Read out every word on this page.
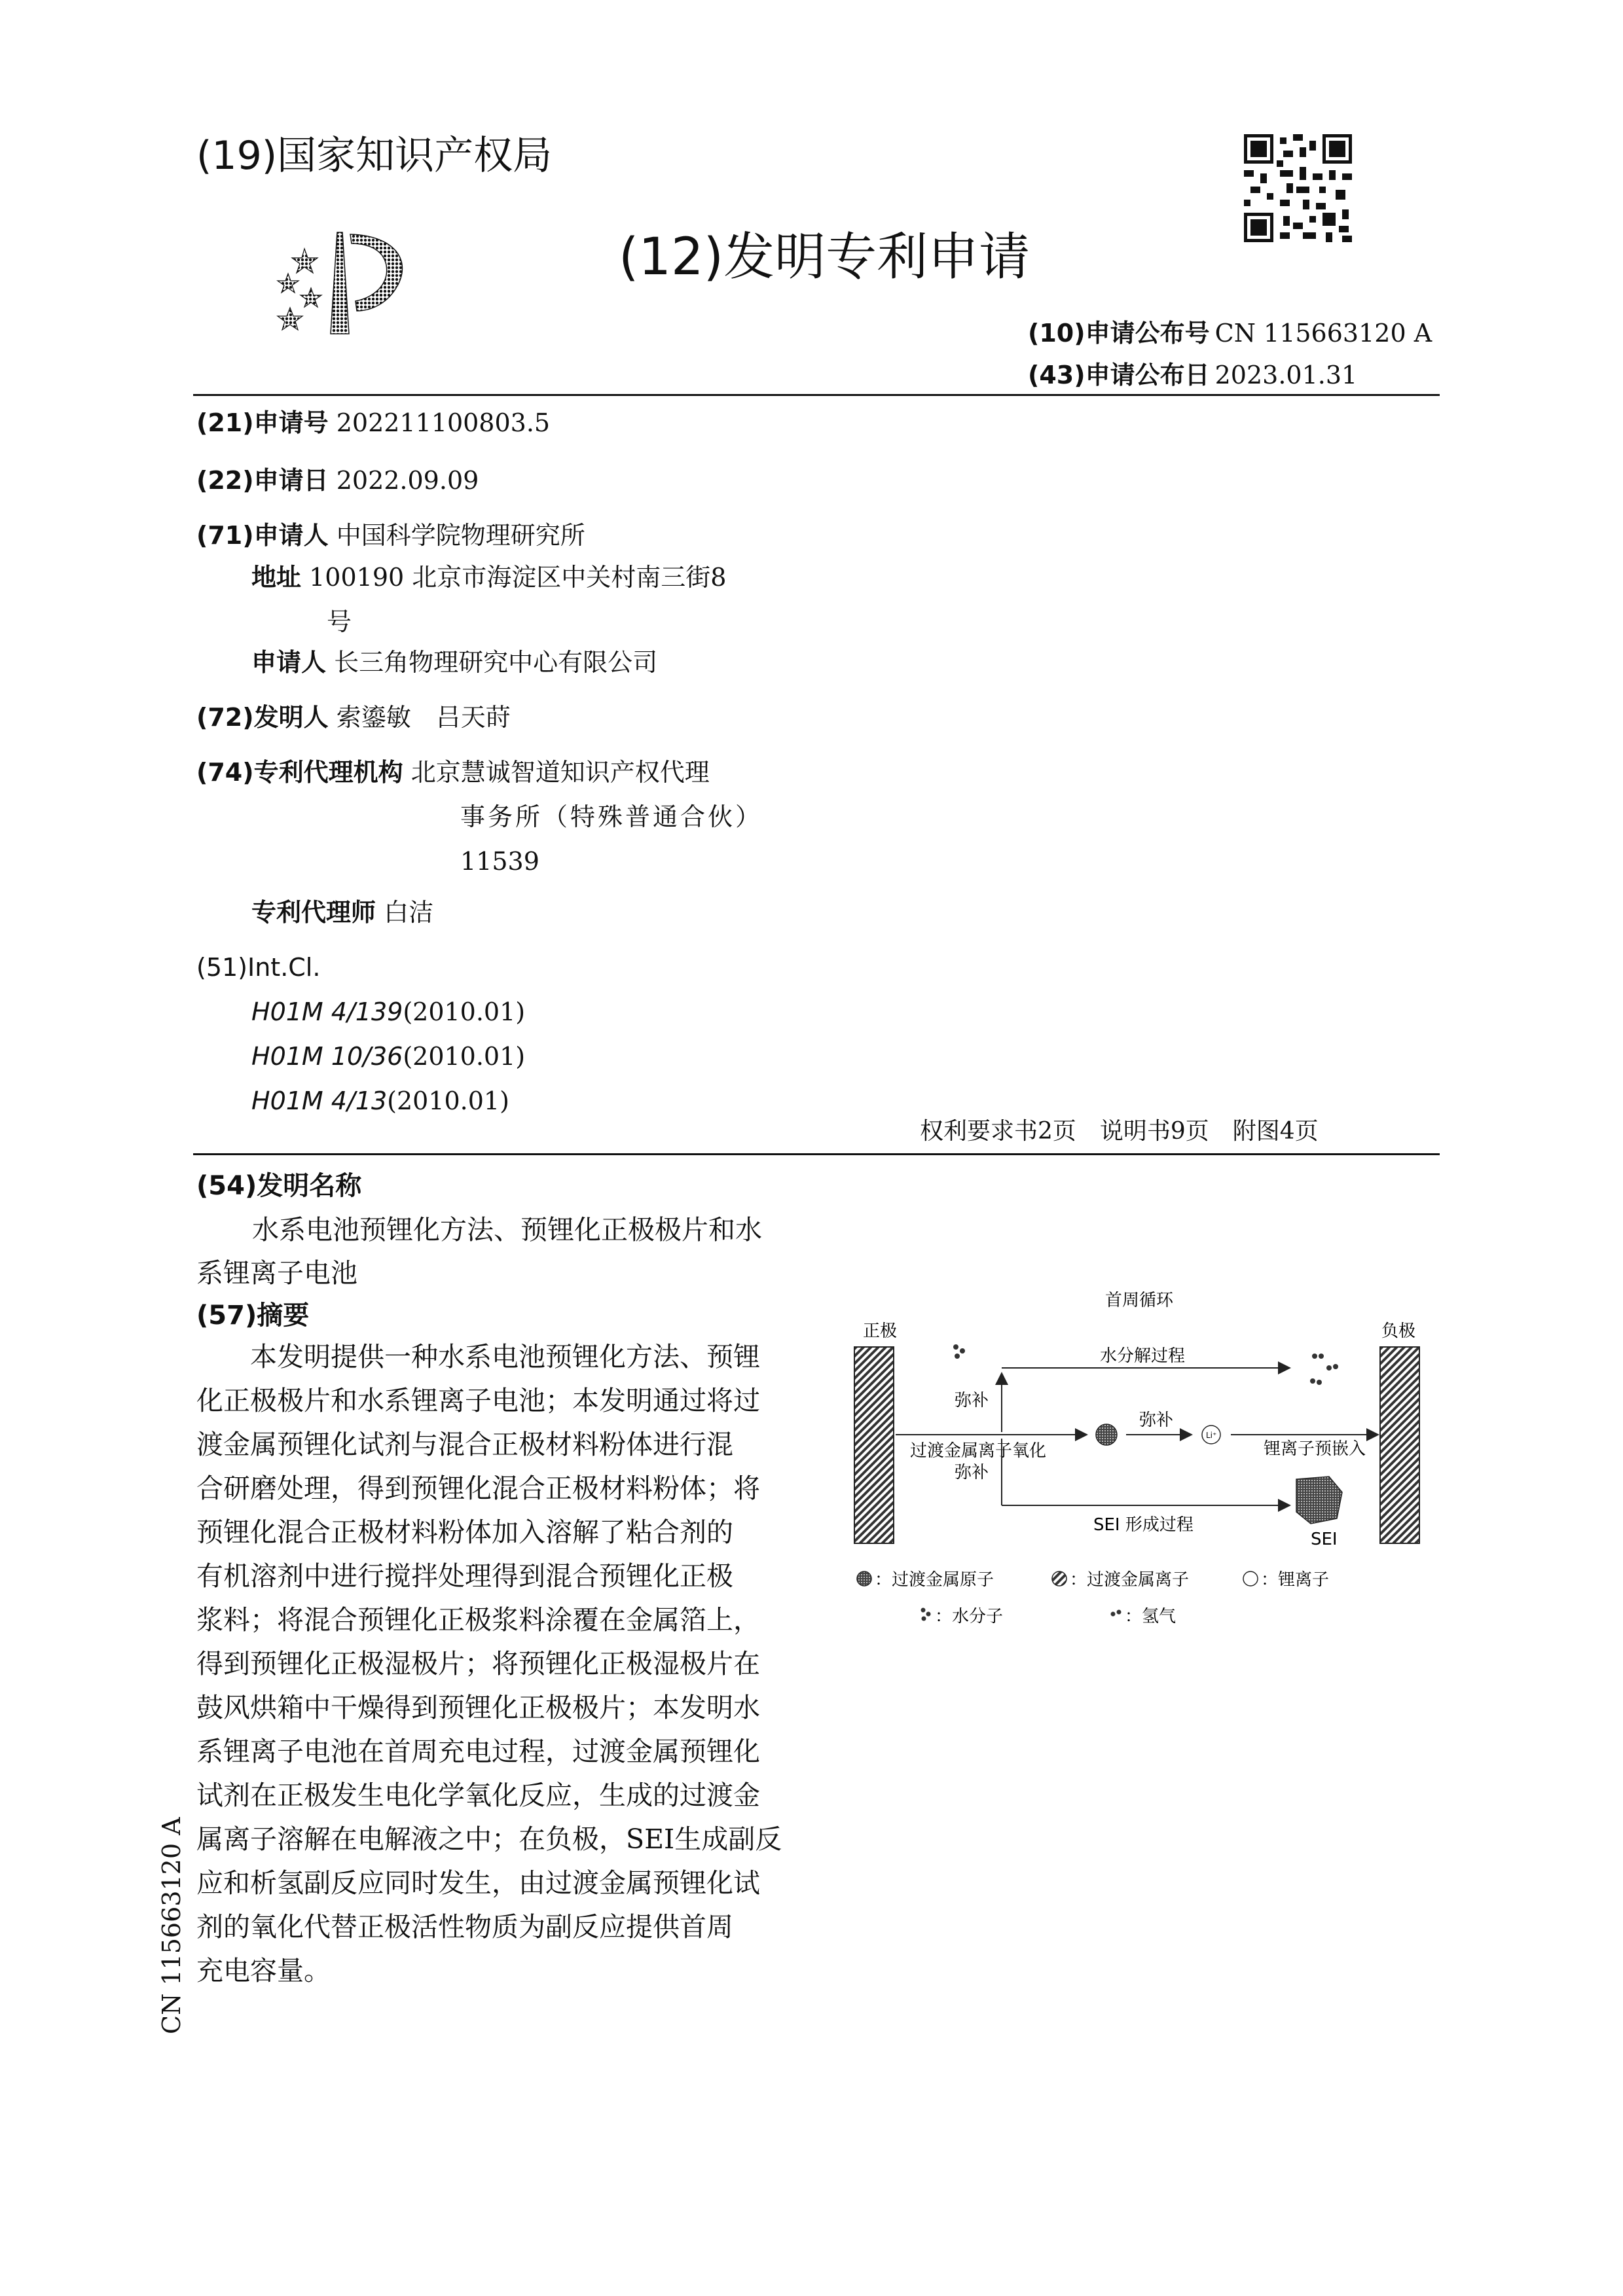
(19)国家知识产权局
(12)发明专利申请
(10)申请公布号 CN 115663120 A
(43)申请公布日 2023.01.31
(21)申请号 202211100803.5
(22)申请日 2022.09.09
(71)申请人 中国科学院物理研究所
地址 100190 北京市海淀区中关村南三街8
号
申请人 长三角物理研究中心有限公司
(72)发明人 索鎏敏　吕天莳
(74)专利代理机构 北京慧诚智道知识产权代理
事务所（特殊普通合伙）
11539
专利代理师 白洁
(51)Int.Cl.
H01M 4/139(2010.01)
H01M 10/36(2010.01)
H01M 4/13(2010.01)
权利要求书2页　说明书9页　附图4页
(54)发明名称
水系电池预锂化方法、预锂化正极极片和水
系锂离子电池
(57)摘要
本发明提供一种水系电池预锂化方法、预锂
化正极极片和水系锂离子电池；本发明通过将过
渡金属预锂化试剂与混合正极材料粉体进行混
合研磨处理，得到预锂化混合正极材料粉体；将
预锂化混合正极材料粉体加入溶解了粘合剂的
有机溶剂中进行搅拌处理得到混合预锂化正极
浆料；将混合预锂化正极浆料涂覆在金属箔上，
得到预锂化正极湿极片；将预锂化正极湿极片在
鼓风烘箱中干燥得到预锂化正极极片；本发明水
系锂离子电池在首周充电过程，过渡金属预锂化
试剂在正极发生电化学氧化反应，生成的过渡金
属离子溶解在电解液之中；在负极，SEI生成副反
应和析氢副反应同时发生，由过渡金属预锂化试
剂的氧化代替正极活性物质为副反应提供首周
充电容量。
首周循环
正极	负极
水分解过程
弥补
过渡金属离子氧化
弥补
Li⁺
锂离子预嵌入
弥补
SEI 形成过程
SEI
：过渡金属原子	：过渡金属离子	：锂离子
：水分子	：氢气
CN 115663120 A
